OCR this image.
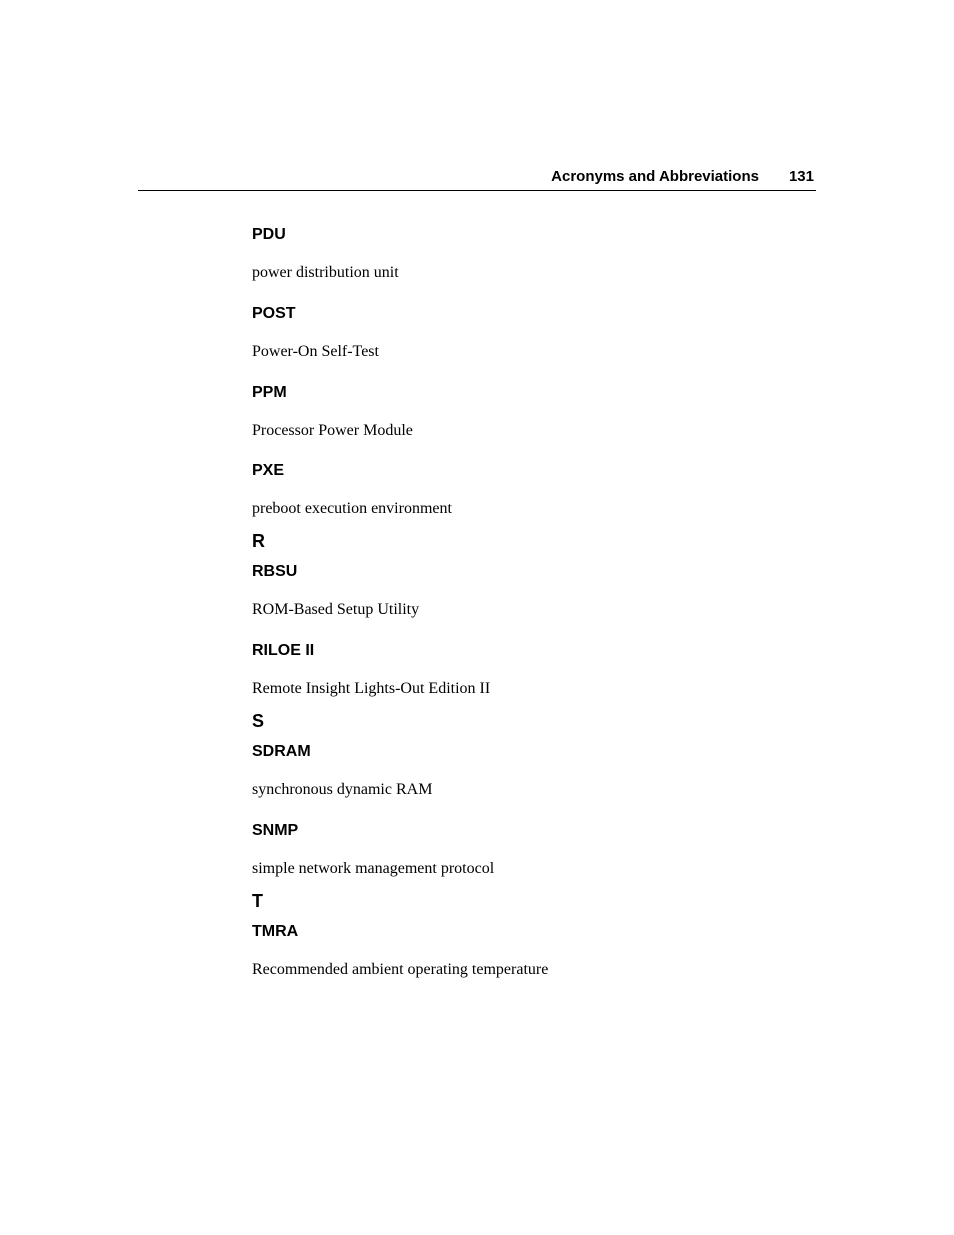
Acronyms and Abbreviations 131
PDU
power distribution unit
POST
Power-On Self-Test
PPM
Processor Power Module
PXE
preboot execution environment
R
RBSU
ROM-Based Setup Utility
RILOE II
Remote Insight Lights-Out Edition II
S
SDRAM
synchronous dynamic RAM
SNMP
simple network management protocol
T
TMRA
Recommended ambient operating temperature
